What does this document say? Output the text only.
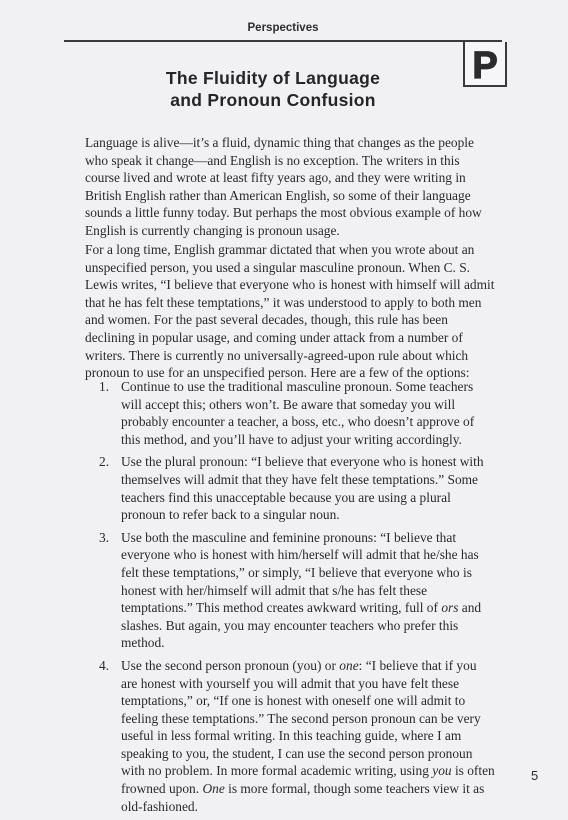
Perspectives
P
The Fluidity of Language
and Pronoun Confusion
Language is alive—it’s a fluid, dynamic thing that changes as the people who speak it change—and English is no exception. The writers in this course lived and wrote at least fifty years ago, and they were writing in British English rather than American English, so some of their language sounds a little funny today. But perhaps the most obvious example of how English is currently changing is pronoun usage.
For a long time, English grammar dictated that when you wrote about an unspecified person, you used a singular masculine pronoun. When C. S. Lewis writes, “I believe that everyone who is honest with himself will admit that he has felt these temptations,” it was understood to apply to both men and women. For the past several decades, though, this rule has been declining in popular usage, and coming under attack from a number of writers. There is currently no universally-agreed-upon rule about which pronoun to use for an unspecified person. Here are a few of the options:
1. Continue to use the traditional masculine pronoun. Some teachers will accept this; others won’t. Be aware that someday you will probably encounter a teacher, a boss, etc., who doesn’t approve of this method, and you’ll have to adjust your writing accordingly.
2. Use the plural pronoun: “I believe that everyone who is honest with themselves will admit that they have felt these temptations.” Some teachers find this unacceptable because you are using a plural pronoun to refer back to a singular noun.
3. Use both the masculine and feminine pronouns: “I believe that everyone who is honest with him/herself will admit that he/she has felt these temptations,” or simply, “I believe that everyone who is honest with her/himself will admit that s/he has felt these temptations.” This method creates awkward writing, full of ors and slashes. But again, you may encounter teachers who prefer this method.
4. Use the second person pronoun (you) or one: “I believe that if you are honest with yourself you will admit that you have felt these temptations,” or, “If one is honest with oneself one will admit to feeling these temptations.” The second person pronoun can be very useful in less formal writing. In this teaching guide, where I am speaking to you, the student, I can use the second person pronoun with no problem. In more formal academic writing, using you is often frowned upon. One is more formal, though some teachers view it as old-fashioned.
5
